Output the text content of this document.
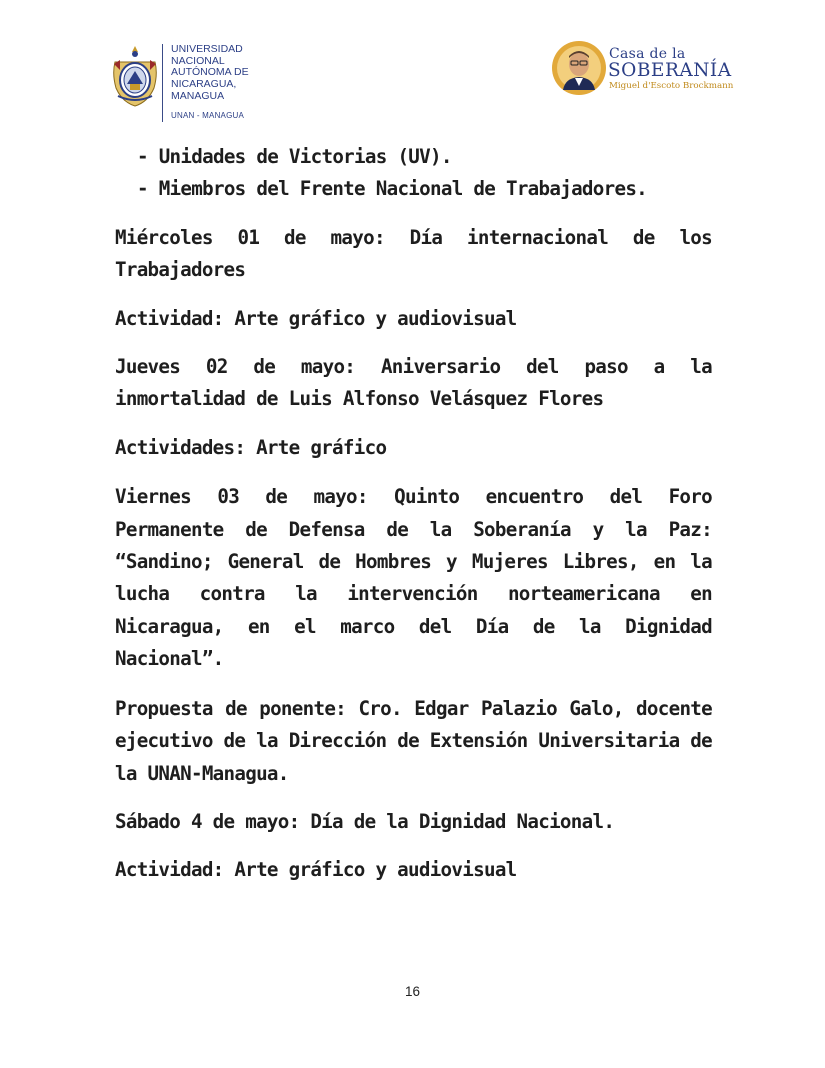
UNIVERSIDAD
NACIONAL
AUTÓNOMA DE
NICARAGUA,
MANAGUA
UNAN - MANAGUA
Casa de la
SOBERANÍA
Miguel d'Escoto Brockmann
- Unidades de Victorias (UV).
- Miembros del Frente Nacional de Trabajadores.

Miércoles 01 de mayo: Día internacional de los Trabajadores

Actividad: Arte gráfico y audiovisual

Jueves 02 de mayo: Aniversario del paso a la inmortalidad de Luis Alfonso Velásquez Flores

Actividades: Arte gráfico

Viernes 03 de mayo: Quinto encuentro del Foro Permanente de Defensa de la Soberanía y la Paz: “Sandino; General de Hombres y Mujeres Libres, en la lucha contra la intervención norteamericana en Nicaragua, en el marco del Día de la Dignidad Nacional”.

Propuesta de ponente: Cro. Edgar Palazio Galo, docente ejecutivo de la Dirección de Extensión Universitaria de la UNAN-Managua.

Sábado 4 de mayo: Día de la Dignidad Nacional.

Actividad: Arte gráfico y audiovisual

16
